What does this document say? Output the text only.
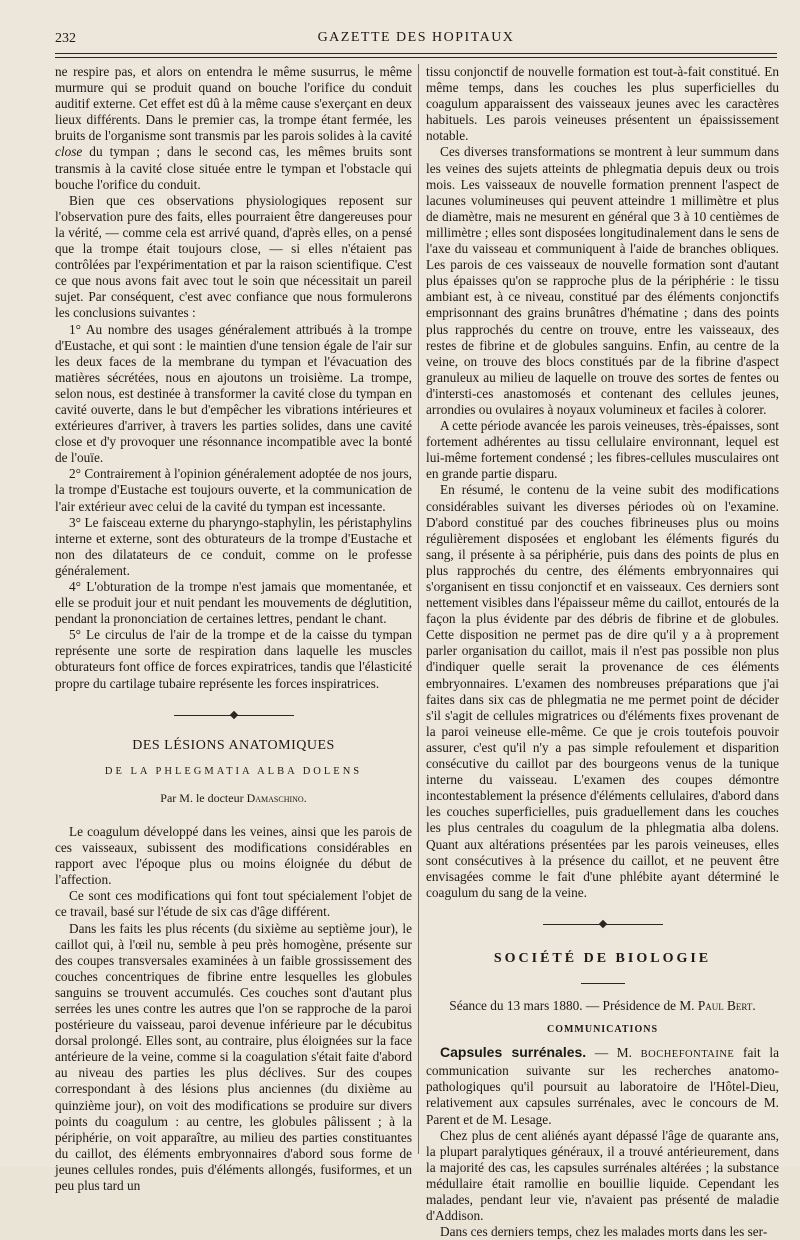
232	GAZETTE DES HOPITAUX

ne respire pas, et alors on entendra le même susurrus, le même murmure qui se produit quand on bouche l'orifice du conduit auditif externe. Cet effet est dû à la même cause s'exerçant en deux lieux différents. Dans le premier cas, la trompe étant fermée, les bruits de l'organisme sont transmis par les parois solides à la cavité close du tympan ; dans le second cas, les mêmes bruits sont transmis à la cavité close située entre le tympan et l'obstacle qui bouche l'orifice du conduit.

Bien que ces observations physiologiques reposent sur l'observation pure des faits, elles pourraient être dangereuses pour la vérité, — comme cela est arrivé quand, d'après elles, on a pensé que la trompe était toujours close, — si elles n'étaient pas contrôlées par l'expérimentation et par la raison scientifique. C'est ce que nous avons fait avec tout le soin que nécessitait un pareil sujet. Par conséquent, c'est avec confiance que nous formulerons les conclusions suivantes :

1° Au nombre des usages généralement attribués à la trompe d'Eustache, et qui sont : le maintien d'une tension égale de l'air sur les deux faces de la membrane du tympan et l'évacuation des matières sécrétées, nous en ajoutons un troisième. La trompe, selon nous, est destinée à transformer la cavité close du tympan en cavité ouverte, dans le but d'empêcher les vibrations intérieures et extérieures d'arriver, à travers les parties solides, dans une cavité close et d'y provoquer une résonnance incompatible avec la bonté de l'ouïe.

2° Contrairement à l'opinion généralement adoptée de nos jours, la trompe d'Eustache est toujours ouverte, et la communication de l'air extérieur avec celui de la cavité du tympan est incessante.

3° Le faisceau externe du pharyngo-staphylin, les péristaphylins interne et externe, sont des obturateurs de la trompe d'Eustache et non des dilatateurs de ce conduit, comme on le professe généralement.

4° L'obturation de la trompe n'est jamais que momentanée, et elle se produit jour et nuit pendant les mouvements de déglutition, pendant la prononciation de certaines lettres, pendant le chant.

5° Le circulus de l'air de la trompe et de la caisse du tympan représente une sorte de respiration dans laquelle les muscles obturateurs font office de forces expiratrices, tandis que l'élasticité propre du cartilage tubaire représente les forces inspiratrices.

DES LÉSIONS ANATOMIQUES
DE LA PHLEGMATIA ALBA DOLENS
Par M. le docteur Damaschino.

Le coagulum développé dans les veines, ainsi que les parois de ces vaisseaux, subissent des modifications considérables en rapport avec l'époque plus ou moins éloignée du début de l'affection.

Ce sont ces modifications qui font tout spécialement l'objet de ce travail, basé sur l'étude de six cas d'âge différent.

Dans les faits les plus récents (du sixième au septième jour), le caillot qui, à l'œil nu, semble à peu près homogène, présente sur des coupes transversales examinées à un faible grossissement des couches concentriques de fibrine entre lesquelles les globules sanguins se trouvent accumulés. Ces couches sont d'autant plus serrées les unes contre les autres que l'on se rapproche de la paroi postérieure du vaisseau, paroi devenue inférieure par le décubitus dorsal prolongé. Elles sont, au contraire, plus éloignées sur la face antérieure de la veine, comme si la coagulation s'était faite d'abord au niveau des parties les plus déclives. Sur des coupes correspondant à des lésions plus anciennes (du dixième au quinzième jour), on voit des modifications se produire sur divers points du coagulum : au centre, les globules pâlissent ; à la périphérie, on voit apparaître, au milieu des parties constituantes du caillot, des éléments embryonnaires d'abord sous forme de jeunes cellules rondes, puis d'éléments allongés, fusiformes, et un peu plus tard un

tissu conjonctif de nouvelle formation est tout-à-fait constitué. En même temps, dans les couches les plus superficielles du coagulum apparaissent des vaisseaux jeunes avec les caractères habituels. Les parois veineuses présentent un épaississement notable.

Ces diverses transformations se montrent à leur summum dans les veines des sujets atteints de phlegmatia depuis deux ou trois mois. Les vaisseaux de nouvelle formation prennent l'aspect de lacunes volumineuses qui peuvent atteindre 1 millimètre et plus de diamètre, mais ne mesurent en général que 3 à 10 centièmes de millimètre ; elles sont disposées longitudinalement dans le sens de l'axe du vaisseau et communiquent à l'aide de branches obliques. Les parois de ces vaisseaux de nouvelle formation sont d'autant plus épaisses qu'on se rapproche plus de la périphérie : le tissu ambiant est, à ce niveau, constitué par des éléments conjonctifs emprisonnant des grains brunâtres d'hématine ; dans des points plus rapprochés du centre on trouve, entre les vaisseaux, des restes de fibrine et de globules sanguins. Enfin, au centre de la veine, on trouve des blocs constitués par de la fibrine d'aspect granuleux au milieu de laquelle on trouve des sortes de fentes ou d'intersti-ces anastomosés et contenant des cellules jeunes, arrondies ou ovulaires à noyaux volumineux et faciles à colorer.

A cette période avancée les parois veineuses, très-épaisses, sont fortement adhérentes au tissu cellulaire environnant, lequel est lui-même fortement condensé ; les fibres-cellules musculaires ont en grande partie disparu.

En résumé, le contenu de la veine subit des modifications considérables suivant les diverses périodes où on l'examine. D'abord constitué par des couches fibrineuses plus ou moins régulièrement disposées et englobant les éléments figurés du sang, il présente à sa périphérie, puis dans des points de plus en plus rapprochés du centre, des éléments embryonnaires qui s'organisent en tissu conjonctif et en vaisseaux. Ces derniers sont nettement visibles dans l'épaisseur même du caillot, entourés de la façon la plus évidente par des débris de fibrine et de globules. Cette disposition ne permet pas de dire qu'il y a à proprement parler organisation du caillot, mais il n'est pas possible non plus d'indiquer quelle serait la provenance de ces éléments embryonnaires. L'examen des nombreuses préparations que j'ai faites dans six cas de phlegmatia ne me permet point de décider s'il s'agit de cellules migratrices ou d'éléments fixes provenant de la paroi veineuse elle-même. Ce que je crois toutefois pouvoir assurer, c'est qu'il n'y a pas simple refoulement et disparition consécutive du caillot par des bourgeons venus de la tunique interne du vaisseau. L'examen des coupes démontre incontestablement la présence d'éléments cellulaires, d'abord dans les couches superficielles, puis graduellement dans les couches les plus centrales du coagulum de la phlegmatia alba dolens. Quant aux altérations présentées par les parois veineuses, elles sont consécutives à la présence du caillot, et ne peuvent être envisagées comme le fait d'une phlébite ayant déterminé le coagulum du sang de la veine.

SOCIÉTÉ DE BIOLOGIE
Séance du 13 mars 1880. — Présidence de M. Paul Bert.
COMMUNICATIONS

Capsules surrénales. — M. BOCHEFONTAINE fait la communication suivante sur les recherches anatomo-pathologiques qu'il poursuit au laboratoire de l'Hôtel-Dieu, relativement aux capsules surrénales, avec le concours de M. Parent et de M. Lesage.

Chez plus de cent aliénés ayant dépassé l'âge de quarante ans, la plupart paralytiques généraux, il a trouvé antérieurement, dans la majorité des cas, les capsules surrénales altérées ; la substance médullaire était ramollie en bouillie liquide. Cependant les malades, pendant leur vie, n'avaient pas présenté de maladie d'Addison.

Dans ces derniers temps, chez les malades morts dans les ser-
